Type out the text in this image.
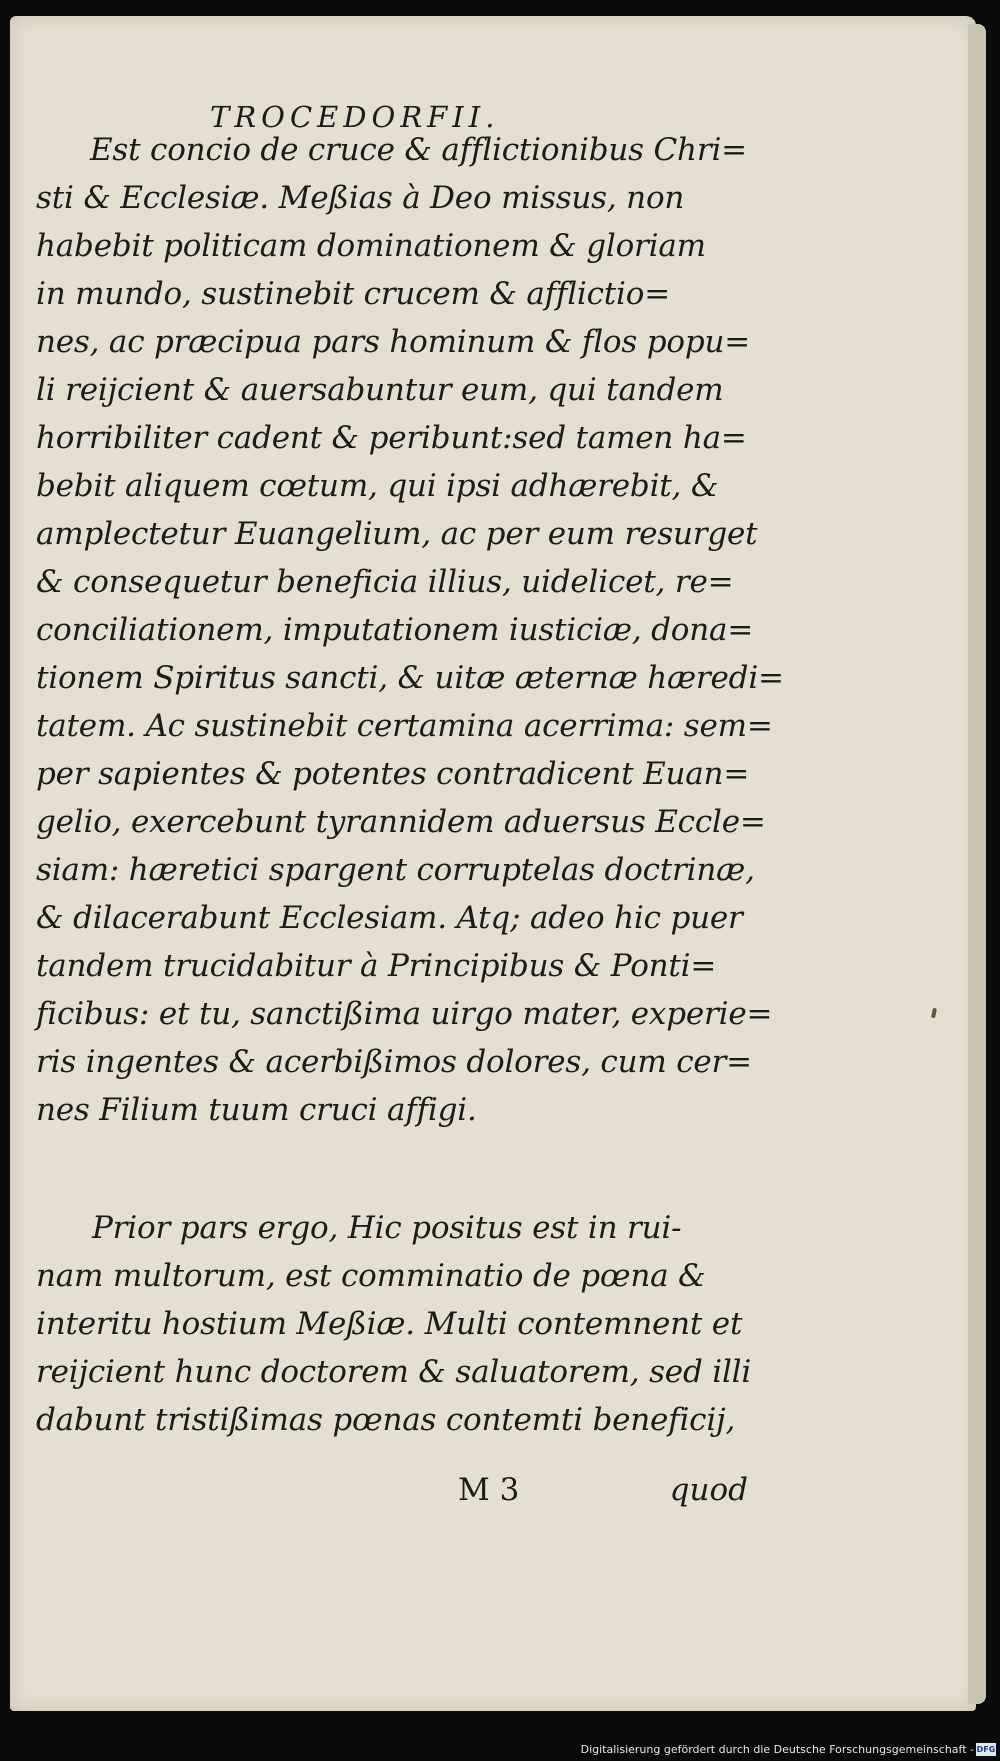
TROCEDORFII.
Est concio de cruce & afflictionibus Chri=
sti & Ecclesiæ. Meßias à Deo missus, non
habebit politicam dominationem & gloriam
in mundo, sustinebit crucem & afflictio=
nes, ac præcipua pars hominum & flos popu=
li reijcient & auersabuntur eum, qui tandem
horribiliter cadent & peribunt:sed tamen ha=
bebit aliquem cœtum, qui ipsi adhærebit, &
amplectetur Euangelium, ac per eum resurget
& consequetur beneficia illius, uidelicet, re=
conciliationem, imputationem iusticiæ, dona=
tionem Spiritus sancti, & uitæ æternæ hæredi=
tatem. Ac sustinebit certamina acerrima: sem=
per sapientes & potentes contradicent Euan=
gelio, exercebunt tyrannidem aduersus Eccle=
siam: hæretici spargent corruptelas doctrinæ,
& dilacerabunt Ecclesiam. Atq; adeo hic puer
tandem trucidabitur à Principibus & Ponti=
ficibus: et tu, sanctißima uirgo mater, experie=
ris ingentes & acerbißimos dolores, cum cer=
nes Filium tuum cruci affigi.
Prior pars ergo, Hic positus est in rui-
nam multorum, est comminatio de pœna &
interitu hostium Meßiæ. Multi contemnent et
reijcient hunc doctorem & saluatorem, sed illi
dabunt tristißimas pœnas contemti beneficij,
M 3	quod
Digitalisierung gefördert durch die Deutsche Forschungsgemeinschaft - DFG
